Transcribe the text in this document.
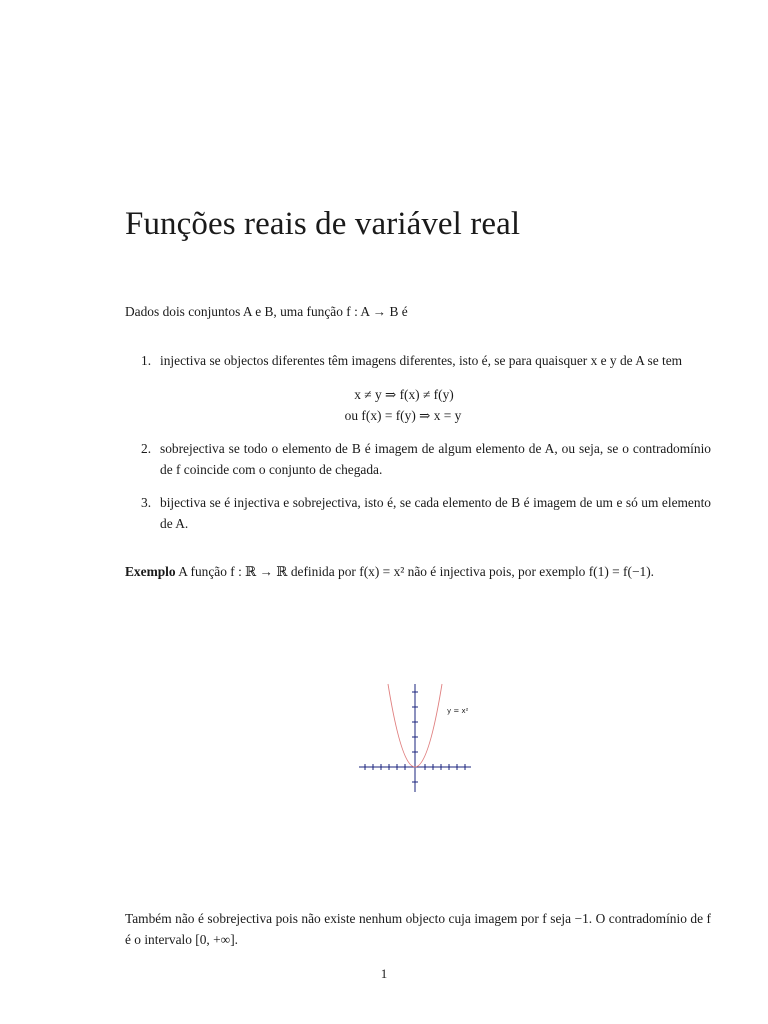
Funções reais de variável real

Dados dois conjuntos A e B, uma função f : A → B é

1. injectiva se objectos diferentes têm imagens diferentes, isto é, se para quaisquer x e y de A se tem
x ≠ y ⇒ f(x) ≠ f(y)
ou f(x) = f(y) ⇒ x = y
2. sobrejectiva se todo o elemento de B é imagem de algum elemento de A, ou seja, se o contradomínio de f coincide com o conjunto de chegada.
3. bijectiva se é injectiva e sobrejectiva, isto é, se cada elemento de B é imagem de um e só um elemento de A.
Exemplo A função f : ℝ → ℝ definida por f(x) = x² não é injectiva pois, por exemplo f(1) = f(−1).
y = x²
Também não é sobrejectiva pois não existe nenhum objecto cuja imagem por f seja −1. O contradomínio de f é o intervalo [0, +∞].
1
